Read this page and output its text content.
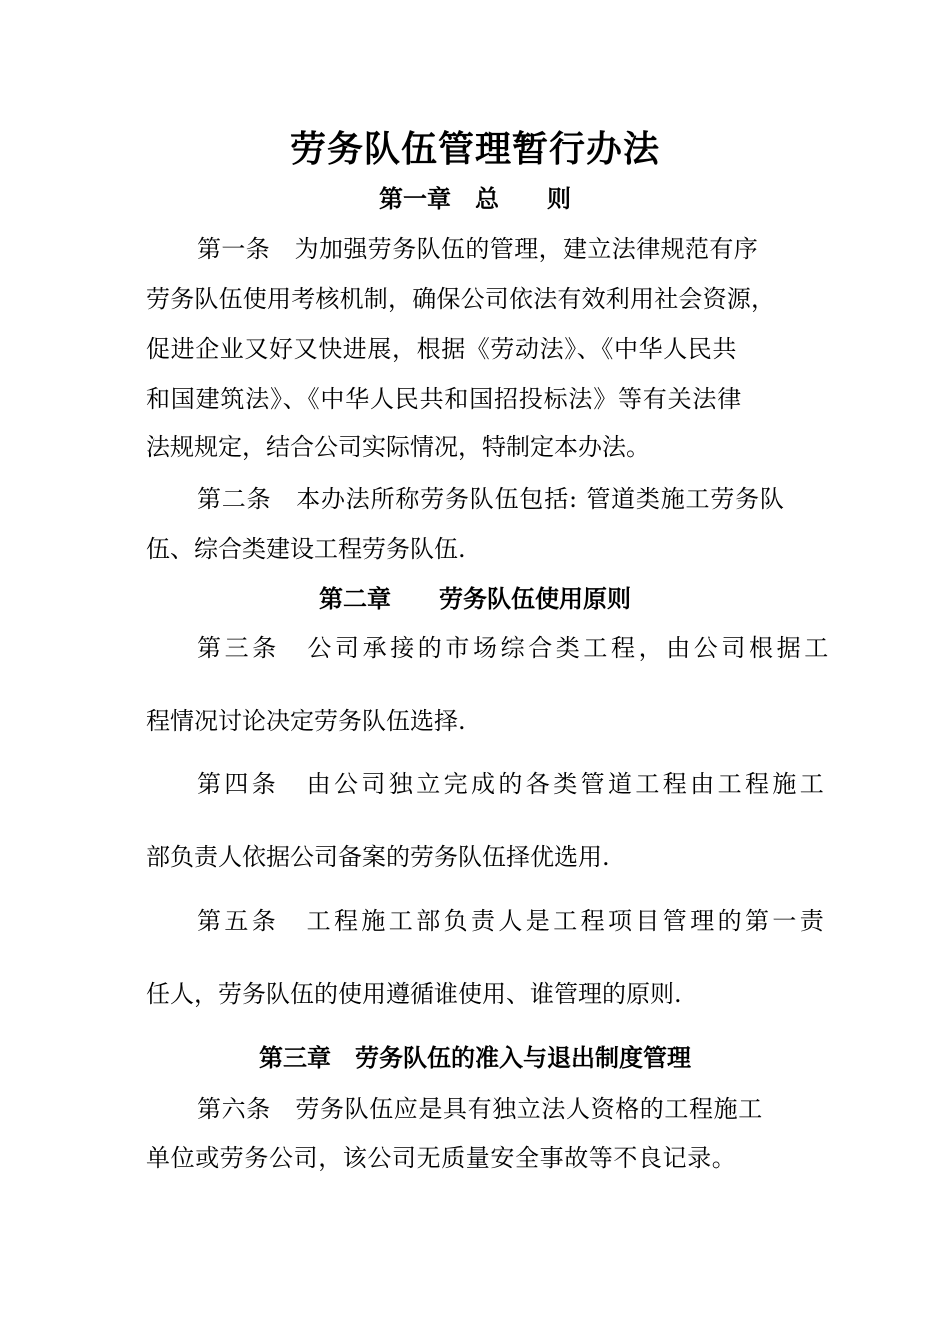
劳务队伍管理暂行办法
第一章　总　　则
第一条　为加强劳务队伍的管理，建立法律规范有序
劳务队伍使用考核机制，确保公司依法有效利用社会资源，
促进企业又好又快进展，根据《劳动法》、《中华人民共
和国建筑法》、《中华人民共和国招投标法》等有关法律
法规规定，结合公司实际情况，特制定本办法。
第二条　本办法所称劳务队伍包括: 管道类施工劳务队
伍、综合类建设工程劳务队伍.
第二章　　劳务队伍使用原则
第三条　公司承接的市场综合类工程，由公司根据工
程情况讨论决定劳务队伍选择.
第四条　由公司独立完成的各类管道工程由工程施工
部负责人依据公司备案的劳务队伍择优选用.
第五条　工程施工部负责人是工程项目管理的第一责
任人，劳务队伍的使用遵循谁使用、谁管理的原则.
第三章　劳务队伍的准入与退出制度管理
第六条　劳务队伍应是具有独立法人资格的工程施工
单位或劳务公司，该公司无质量安全事故等不良记录。
